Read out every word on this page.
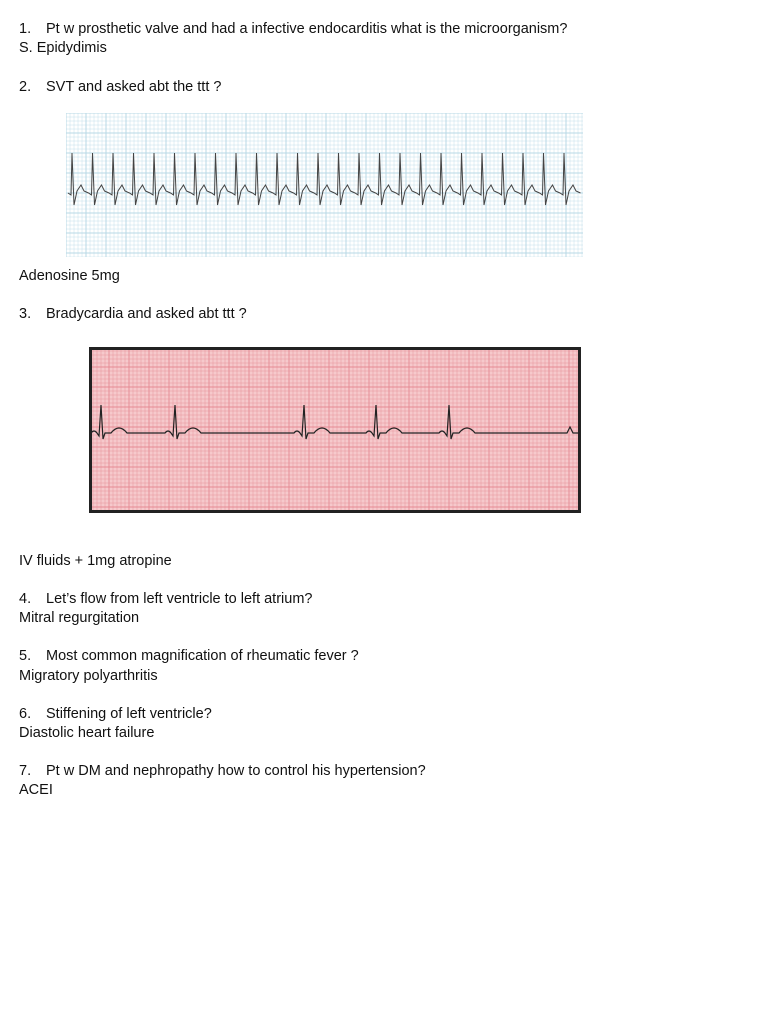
1. Pt w prosthetic valve and had a infective endocarditis what is the microorganism?
S. Epidydimis
2. SVT and asked abt the ttt ?
Adenosine 5mg
3. Bradycardia and asked abt ttt ?
IV fluids + 1mg atropine
4. Let’s flow from left ventricle to left atrium?
Mitral regurgitation
5. Most common magnification of rheumatic fever ?
Migratory polyarthritis
6. Stiffening of left ventricle?
Diastolic heart failure
7. Pt w DM and nephropathy how to control his hypertension?
ACEI
